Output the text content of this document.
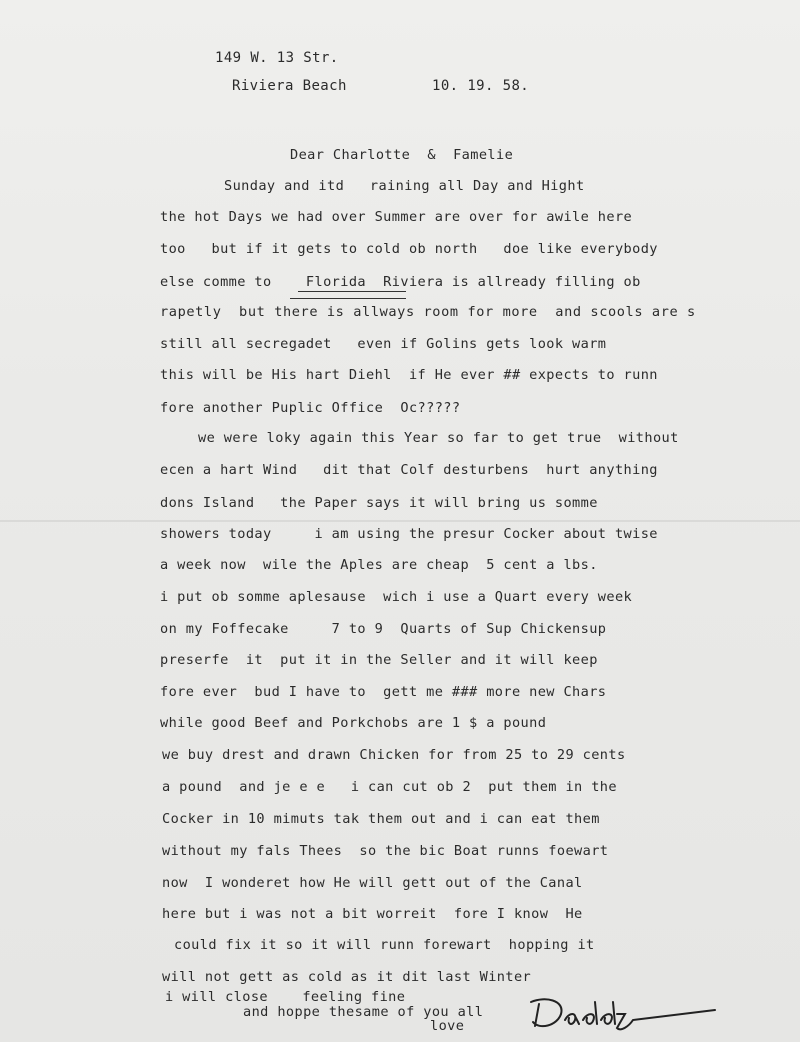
149 W. 13 Str.
Riviera Beach	10. 19. 58.
Dear Charlotte  &  Famelie
Sunday and itd   raining all Day and Hight
the hot Days we had over Summer are over for awile here
too   but if it gets to cold ob north   doe like everybody
else comme to    Florida  Riviera is allready filling ob
rapetly  but there is allways room for more  and scools are s
still all secregadet   even if Golins gets look warm
this will be His hart Diehl  if He ever ## expects to runn
fore another Puplic Office  Oc?????
we were loky again this Year so far to get true  without
ecen a hart Wind   dit that Colf desturbens  hurt anything
dons Island   the Paper says it will bring us somme
showers today     i am using the presur Cocker about twise
a week now  wile the Aples are cheap  5 cent a lbs.
i put ob somme aplesause  wich i use a Quart every week
on my Foffecake     7 to 9  Quarts of Sup Chickensup
preserfe  it  put it in the Seller and it will keep
fore ever  bud I have to  gett me ### more new Chars
while good Beef and Porkchobs are 1 $ a pound
we buy drest and drawn Chicken for from 25 to 29 cents
a pound  and je e e   i can cut ob 2  put them in the
Cocker in 10 mimuts tak them out and i can eat them
without my fals Thees  so the bic Boat runns foewart
now  I wonderet how He will gett out of the Canal
here but i was not a bit worreit  fore I know  He
could fix it so it will runn forewart  hopping it
will not gett as cold as it dit last Winter
i will close    feeling fine
and hoppe thesame of you all
love
